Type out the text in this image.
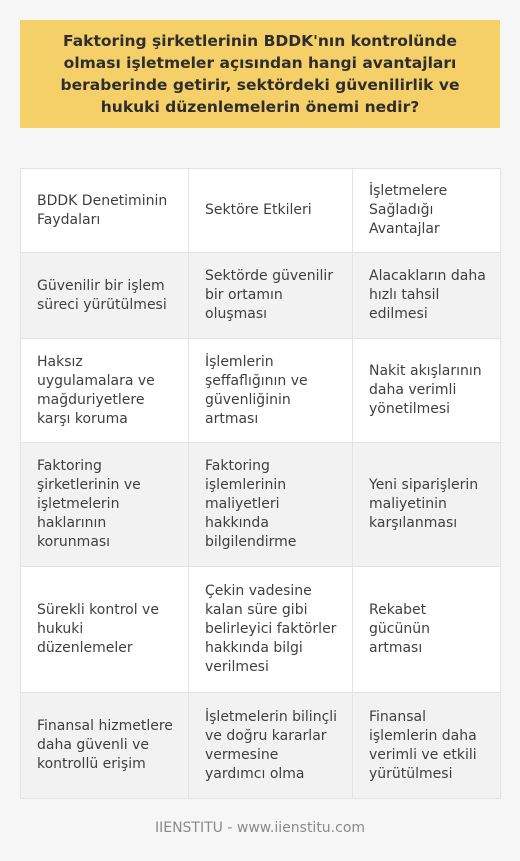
Faktoring şirketlerinin BDDK'nın kontrolünde olması işletmeler açısından hangi avantajları beraberinde getirir, sektördeki güvenilirlik ve hukuki düzenlemelerin önemi nedir?
BDDK Denetiminin Faydaları	Sektöre Etkileri	İşletmelere Sağladığı Avantajlar
Güvenilir bir işlem süreci yürütülmesi	Sektörde güvenilir bir ortamın oluşması	Alacakların daha hızlı tahsil edilmesi
Haksız uygulamalara ve mağduriyetlere karşı koruma	İşlemlerin şeffaflığının ve güvenliğinin artması	Nakit akışlarının daha verimli yönetilmesi
Faktoring şirketlerinin ve işletmelerin haklarının korunması	Faktoring işlemlerinin maliyetleri hakkında bilgilendirme	Yeni siparişlerin maliyetinin karşılanması
Sürekli kontrol ve hukuki düzenlemeler	Çekin vadesine kalan süre gibi belirleyici faktörler hakkında bilgi verilmesi	Rekabet gücünün artması
Finansal hizmetlere daha güvenli ve kontrollü erişim	İşletmelerin bilinçli ve doğru kararlar vermesine yardımcı olma	Finansal işlemlerin daha verimli ve etkili yürütülmesi
IIENSTITU - www.iienstitu.com
